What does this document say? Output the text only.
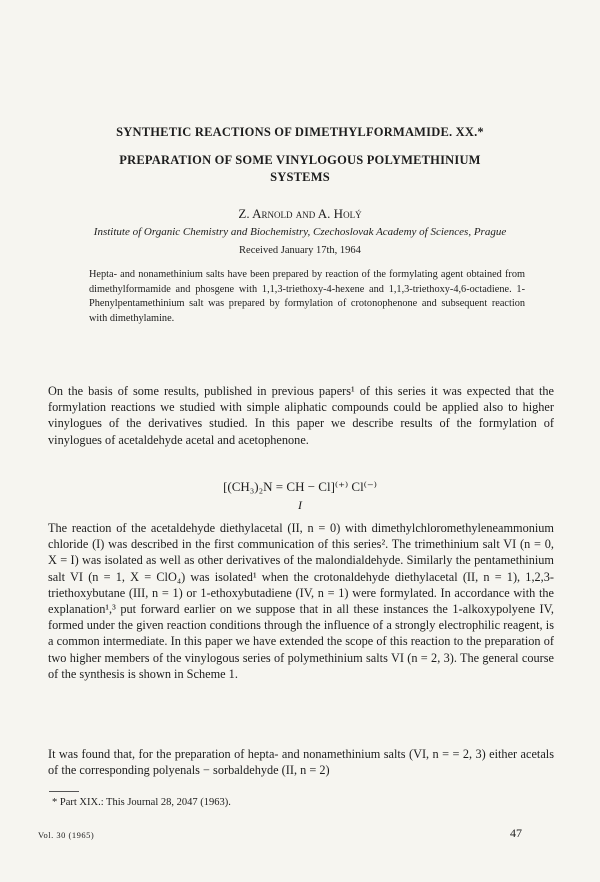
SYNTHETIC REACTIONS OF DIMETHYLFORMAMIDE. XX.*
PREPARATION OF SOME VINYLOGOUS POLYMETHINIUM
SYSTEMS
Z. Arnold and A. Holý
Institute of Organic Chemistry and Biochemistry, Czechoslovak Academy of Sciences, Prague
Received January 17th, 1964
Hepta- and nonamethinium salts have been prepared by reaction of the formylating agent obtained from dimethylformamide and phosgene with 1,1,3-triethoxy-4-hexene and 1,1,3-triethoxy-4,6-octadiene. 1-Phenylpentamethinium salt was prepared by formylation of crotonophenone and subsequent reaction with dimethylamine.
On the basis of some results, published in previous papers¹ of this series it was expected that the formylation reactions we studied with simple aliphatic compounds could be applied also to higher vinylogues of the derivatives studied. In this paper we describe results of the formylation of vinylogues of acetaldehyde acetal and acetophenone.
[(CH₃)₂N = CH − Cl]⁽⁺⁾ Cl⁽⁻⁾
I
The reaction of the acetaldehyde diethylacetal (II, n = 0) with dimethylchloromethyleneammonium chloride (I) was described in the first communication of this series². The trimethinium salt VI (n = 0, X = I) was isolated as well as other derivatives of the malondialdehyde. Similarly the pentamethinium salt VI (n = 1, X = ClO₄) was isolated¹ when the crotonaldehyde diethylacetal (II, n = 1), 1,2,3-triethoxybutane (III, n = 1) or 1-ethoxybutadiene (IV, n = 1) were formylated. In accordance with the explanation¹,³ put forward earlier on we suppose that in all these instances the 1-alkoxypolyene IV, formed under the given reaction conditions through the influence of a strongly electrophilic reagent, is a common intermediate. In this paper we have extended the scope of this reaction to the preparation of two higher members of the vinylogous series of polymethinium salts VI (n = 2, 3). The general course of the synthesis is shown in Scheme 1.
It was found that, for the preparation of hepta- and nonamethinium salts (VI, n = = 2, 3) either acetals of the corresponding polyenals − sorbaldehyde (II, n = 2)
* Part XIX.: This Journal 28, 2047 (1963).
Vol. 30 (1965)	47
